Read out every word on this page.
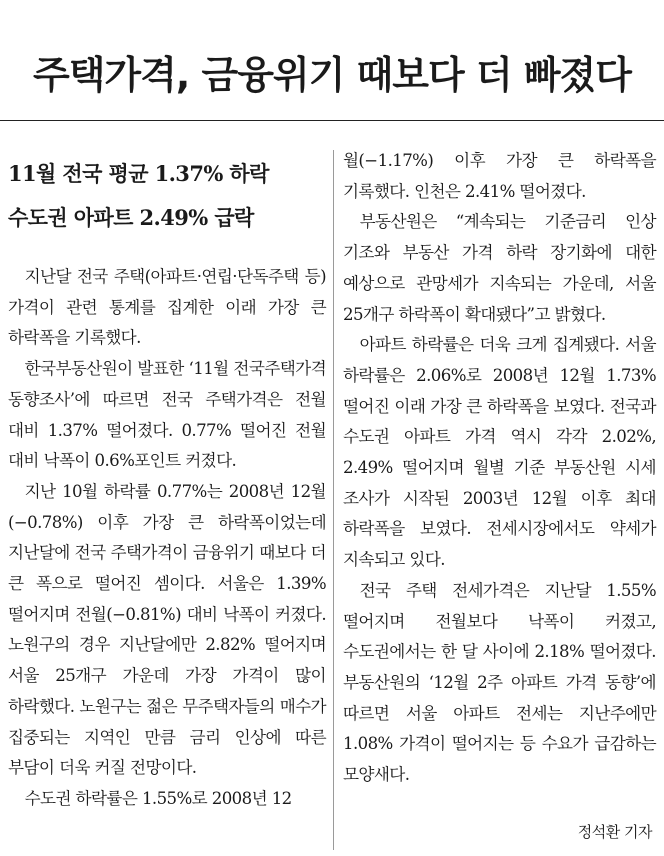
주택가격, 금융위기 때보다 더 빠졌다
11월 전국 평균 1.37% 하락
수도권 아파트 2.49% 급락

지난달 전국 주택(아파트·연립·단독주택 등) 가격이 관련 통계를 집계한 이래 가장 큰 하락폭을 기록했다.

한국부동산원이 발표한 ‘11월 전국주택가격 동향조사’에 따르면 전국 주택가격은 전월 대비 1.37% 떨어졌다. 0.77% 떨어진 전월 대비 낙폭이 0.6%포인트 커졌다.

지난 10월 하락률 0.77%는 2008년 12월(−0.78%) 이후 가장 큰 하락폭이었는데 지난달에 전국 주택가격이 금융위기 때보다 더 큰 폭으로 떨어진 셈이다. 서울은 1.39% 떨어지며 전월(−0.81%) 대비 낙폭이 커졌다. 노원구의 경우 지난달에만 2.82% 떨어지며 서울 25개구 가운데 가장 가격이 많이 하락했다. 노원구는 젊은 무주택자들의 매수가 집중되는 지역인 만큼 금리 인상에 따른 부담이 더욱 커질 전망이다.

수도권 하락률은 1.55%로 2008년 12

월(−1.17%) 이후 가장 큰 하락폭을 기록했다. 인천은 2.41% 떨어졌다.

부동산원은 “계속되는 기준금리 인상 기조와 부동산 가격 하락 장기화에 대한 예상으로 관망세가 지속되는 가운데, 서울 25개구 하락폭이 확대됐다”고 밝혔다.

아파트 하락률은 더욱 크게 집계됐다. 서울 하락률은 2.06%로 2008년 12월 1.73% 떨어진 이래 가장 큰 하락폭을 보였다. 전국과 수도권 아파트 가격 역시 각각 2.02%, 2.49% 떨어지며 월별 기준 부동산원 시세 조사가 시작된 2003년 12월 이후 최대 하락폭을 보였다. 전세시장에서도 약세가 지속되고 있다.

전국 주택 전세가격은 지난달 1.55% 떨어지며 전월보다 낙폭이 커졌고, 수도권에서는 한 달 사이에 2.18% 떨어졌다. 부동산원의 ‘12월 2주 아파트 가격 동향’에 따르면 서울 아파트 전세는 지난주에만 1.08% 가격이 떨어지는 등 수요가 급감하는 모양새다.

정석환 기자
